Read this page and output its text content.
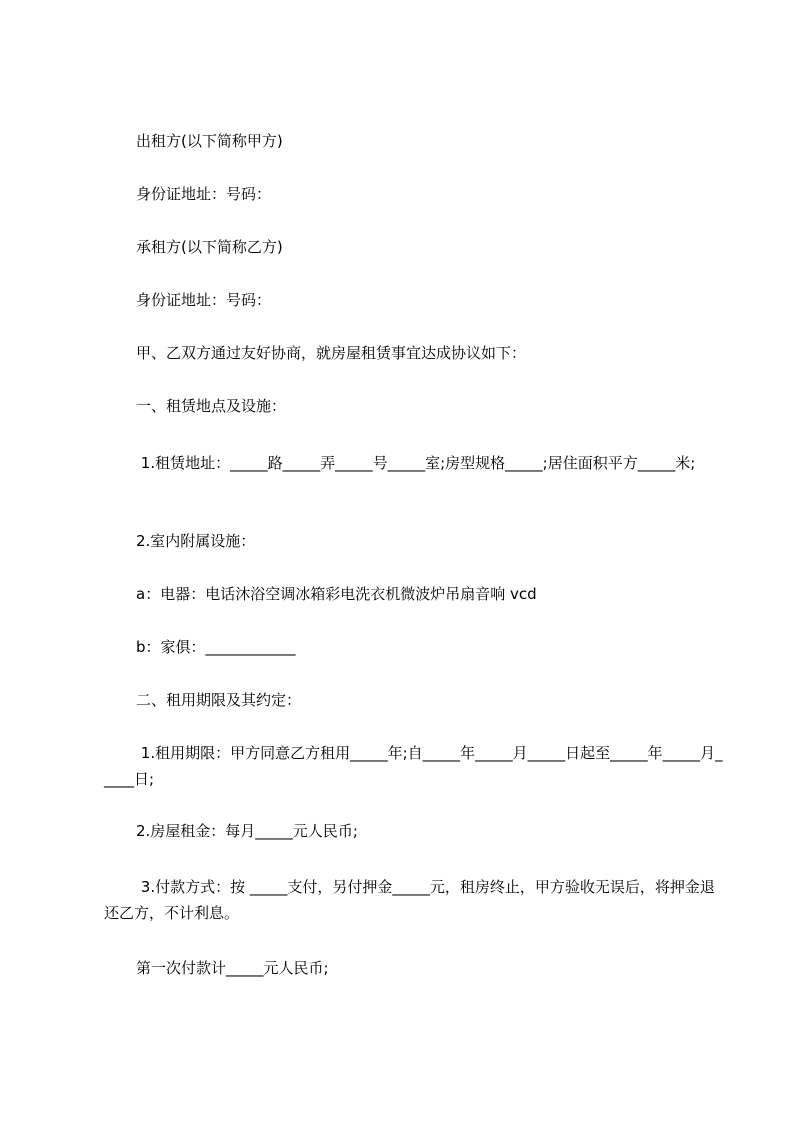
出租方(以下简称甲方)

身份证地址：号码：

承租方(以下简称乙方)

身份证地址：号码：

甲、乙双方通过友好协商，就房屋租赁事宜达成协议如下：

一、租赁地点及设施：

1.租赁地址：_____路_____弄_____号_____室;房型规格_____;居住面积平方_____米;

2.室内附属设施：

a：电器：电话沐浴空调冰箱彩电洗衣机微波炉吊扇音响 vcd

b：家俱：____________

二、租用期限及其约定：

1.租用期限：甲方同意乙方租用_____年;自_____年_____月_____日起至_____年_____月_____日;

2.房屋租金：每月_____元人民币;

3.付款方式：按 _____支付，另付押金_____元，租房终止，甲方验收无误后，将押金退还乙方，不计利息。

第一次付款计_____元人民币;
